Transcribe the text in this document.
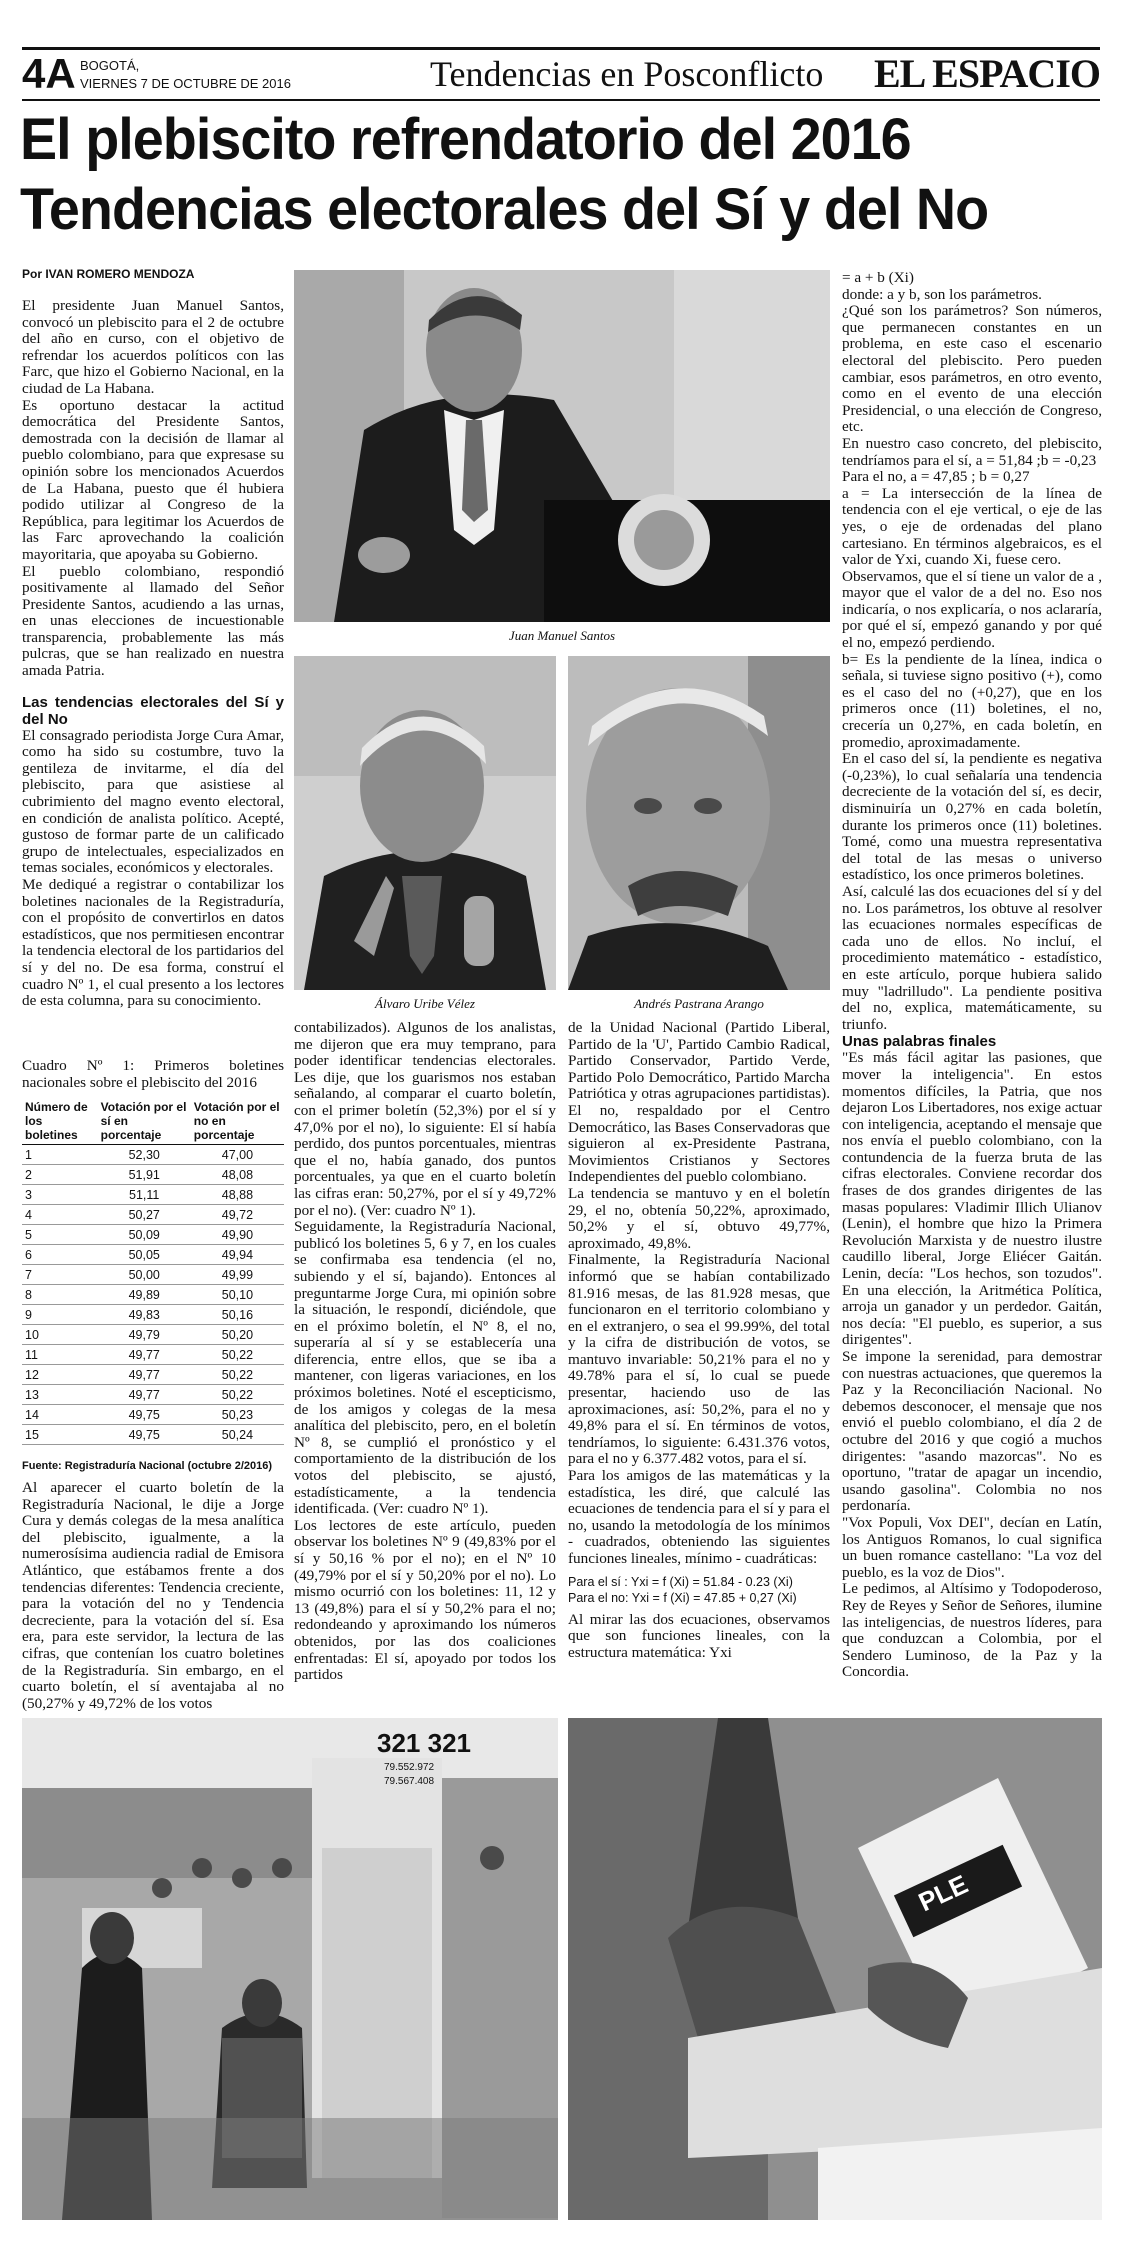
4A BOGOTÁ,
VIERNES 7 DE OCTUBRE DE 2016	Tendencias en Posconflicto EL ESPACIO
El plebiscito refrendatorio del 2016
Tendencias electorales del Sí y del No
Por IVAN ROMERO MENDOZA

El presidente Juan Manuel Santos, convocó un plebiscito para el 2 de octubre del año en curso, con el objetivo de refrendar los acuerdos políticos con las Farc, que hizo el Gobierno Nacional, en la ciudad de La Habana.

Es oportuno destacar la actitud democrática del Presidente Santos, demostrada con la decisión de llamar al pueblo colombiano, para que expresase su opinión sobre los mencionados Acuerdos de La Habana, puesto que él hubiera podido utilizar al Congreso de la República, para legitimar los Acuerdos de las Farc aprovechando la coalición mayoritaria, que apoyaba su Gobierno.

El pueblo colombiano, respondió positivamente al llamado del Señor Presidente Santos, acudiendo a las urnas, en unas elecciones de incuestionable transparencia, probablemente las más pulcras, que se han realizado en nuestra amada Patria.

Las tendencias electorales del Sí y del No

El consagrado periodista Jorge Cura Amar, como ha sido su costumbre, tuvo la gentileza de invitarme, el día del plebiscito, para que asistiese al cubrimiento del magno evento electoral, en condición de analista político. Acepté, gustoso de formar parte de un calificado grupo de intelectuales, especializados en temas sociales, económicos y electorales.

Me dediqué a registrar o contabilizar los boletines nacionales de la Registraduría, con el propósito de convertirlos en datos estadísticos, que nos permitiesen encontrar la tendencia electoral de los partidarios del sí y del no. De esa forma, construí el cuadro Nº 1, el cual presento a los lectores de esta columna, para su conocimiento.

Cuadro Nº 1: Primeros boletines nacionales sobre el plebiscito del 2016

Número de los boletines	Votación por el sí en porcentaje	Votación por el no en porcentaje
1	52,30	47,00
2	51,91	48,08
3	51,11	48,88
4	50,27	49,72
5	50,09	49,90
6	50,05	49,94
7	50,00	49,99
8	49,89	50,10
9	49,83	50,16
10	49,79	50,20
11	49,77	50,22
12	49,77	50,22
13	49,77	50,22
14	49,75	50,23
15	49,75	50,24
Fuente: Registraduría Nacional (octubre 2/2016)

Al aparecer el cuarto boletín de la Registraduría Nacional, le dije a Jorge Cura y demás colegas de la mesa analítica del plebiscito, igualmente, a la numerosísima audiencia radial de Emisora Atlántico, que estábamos frente a dos tendencias diferentes: Tendencia creciente, para la votación del no y Tendencia decreciente, para la votación del sí. Esa era, para este servidor, la lectura de las cifras, que contenían los cuatro boletines de la Registraduría. Sin embargo, en el cuarto boletín, el sí aventajaba al no (50,27% y 49,72% de los votos

Juan Manuel Santos
Álvaro Uribe Vélez	Andrés Pastrana Arango

contabilizados). Algunos de los analistas, me dijeron que era muy temprano, para poder identificar tendencias electorales. Les dije, que los guarismos nos estaban señalando, al comparar el cuarto boletín, con el primer boletín (52,3%) por el sí y 47,0% por el no), lo siguiente: El sí había perdido, dos puntos porcentuales, mientras que el no, había ganado, dos puntos porcentuales, ya que en el cuarto boletín las cifras eran: 50,27%, por el sí y 49,72% por el no). (Ver: cuadro Nº 1).

Seguidamente, la Registraduría Nacional, publicó los boletines 5, 6 y 7, en los cuales se confirmaba esa tendencia (el no, subiendo y el sí, bajando). Entonces al preguntarme Jorge Cura, mi opinión sobre la situación, le respondí, diciéndole, que en el próximo boletín, el Nº 8, el no, superaría al sí y se establecería una diferencia, entre ellos, que se iba a mantener, con ligeras variaciones, en los próximos boletines. Noté el escepticismo, de los amigos y colegas de la mesa analítica del plebiscito, pero, en el boletín Nº 8, se cumplió el pronóstico y el comportamiento de la distribución de los votos del plebiscito, se ajustó, estadísticamente, a la tendencia identificada. (Ver: cuadro Nº 1).

Los lectores de este artículo, pueden observar los boletines Nº 9 (49,83% por el sí y 50,16 % por el no); en el Nº 10 (49,79% por el sí y 50,20% por el no). Lo mismo ocurrió con los boletines: 11, 12 y 13 (49,8%) para el sí y 50,2% para el no; redondeando y aproximando los números obtenidos, por las dos coaliciones enfrentadas: El sí, apoyado por todos los partidos

de la Unidad Nacional (Partido Liberal, Partido de la 'U', Partido Cambio Radical, Partido Conservador, Partido Verde, Partido Polo Democrático, Partido Marcha Patriótica y otras agrupaciones partidistas). El no, respaldado por el Centro Democrático, las Bases Conservadoras que siguieron al ex-Presidente Pastrana, Movimientos Cristianos y Sectores Independientes del pueblo colombiano.

La tendencia se mantuvo y en el boletín 29, el no, obtenía 50,22%, aproximado, 50,2% y el sí, obtuvo 49,77%, aproximado, 49,8%.

Finalmente, la Registraduría Nacional informó que se habían contabilizado 81.916 mesas, de las 81.928 mesas, que funcionaron en el territorio colombiano y en el extranjero, o sea el 99.99%, del total y la cifra de distribución de votos, se mantuvo invariable: 50,21% para el no y 49.78% para el sí, lo cual se puede presentar, haciendo uso de las aproximaciones, así: 50,2%, para el no y 49,8% para el sí. En términos de votos, tendríamos, lo siguiente: 6.431.376 votos, para el no y 6.377.482 votos, para el sí.

Para los amigos de las matemáticas y la estadística, les diré, que calculé las ecuaciones de tendencia para el sí y para el no, usando la metodología de los mínimos - cuadrados, obteniendo las siguientes funciones lineales, mínimo - cuadráticas:

Para el sí : Yxi = f (Xi) = 51.84 - 0.23 (Xi)

Para el no: Yxi = f (Xi) = 47.85 + 0,27 (Xi)

Al mirar las dos ecuaciones, observamos que son funciones lineales, con la estructura matemática: Yxi

= a + b (Xi)

donde: a y b, son los parámetros.

¿Qué son los parámetros? Son números, que permanecen constantes en un problema, en este caso el escenario electoral del plebiscito. Pero pueden cambiar, esos parámetros, en otro evento, como en el evento de una elección Presidencial, o una elección de Congreso, etc.

En nuestro caso concreto, del plebiscito, tendríamos para el sí, a = 51,84 ;b = -0,23

Para el no, a = 47,85 ; b = 0,27

a = La intersección de la línea de tendencia con el eje vertical, o eje de las yes, o eje de ordenadas del plano cartesiano. En términos algebraicos, es el valor de Yxi, cuando Xi, fuese cero.

Observamos, que el sí tiene un valor de a , mayor que el valor de a del no. Eso nos indicaría, o nos explicaría, o nos aclararía, por qué el sí, empezó ganando y por qué el no, empezó perdiendo.

b= Es la pendiente de la línea, indica o señala, si tuviese signo positivo (+), como es el caso del no (+0,27), que en los primeros once (11) boletines, el no, crecería un 0,27%, en cada boletín, en promedio, aproximadamente.

En el caso del sí, la pendiente es negativa (-0,23%), lo cual señalaría una tendencia decreciente de la votación del sí, es decir, disminuiría un 0,27% en cada boletín, durante los primeros once (11) boletines. Tomé, como una muestra representativa del total de las mesas o universo estadístico, los once primeros boletines.

Así, calculé las dos ecuaciones del sí y del no. Los parámetros, los obtuve al resolver las ecuaciones normales específicas de cada uno de ellos. No incluí, el procedimiento matemático - estadístico, en este artículo, porque hubiera salido muy "ladrilludo". La pendiente positiva del no, explica, matemáticamente, su triunfo.

Unas palabras finales

"Es más fácil agitar las pasiones, que mover la inteligencia". En estos momentos difíciles, la Patria, que nos dejaron Los Libertadores, nos exige actuar con inteligencia, aceptando el mensaje que nos envía el pueblo colombiano, con la contundencia de la fuerza bruta de las cifras electorales. Conviene recordar dos frases de dos grandes dirigentes de las masas populares: Vladimir Illich Ulianov (Lenin), el hombre que hizo la Primera Revolución Marxista y de nuestro ilustre caudillo liberal, Jorge Eliécer Gaitán. Lenin, decía: "Los hechos, son tozudos". En una elección, la Aritmética Política, arroja un ganador y un perdedor. Gaitán, nos decía: "El pueblo, es superior, a sus dirigentes".

Se impone la serenidad, para demostrar con nuestras actuaciones, que queremos la Paz y la Reconciliación Nacional. No debemos desconocer, el mensaje que nos envió el pueblo colombiano, el día 2 de octubre del 2016 y que cogió a muchos dirigentes: "asando mazorcas". No es oportuno, "tratar de apagar un incendio, usando gasolina". Colombia no nos perdonaría.

"Vox Populi, Vox DEI", decían en Latín, los Antiguos Romanos, lo cual significa un buen romance castellano: "La voz del pueblo, es la voz de Dios".

Le pedimos, al Altísimo y Todopoderoso, Rey de Reyes y Señor de Señores, ilumine las inteligencias, de nuestros líderes, para que conduzcan a Colombia, por el Sendero Luminoso, de la Paz y la Concordia.

321 321
79.552.972
79.567.408
PLE
